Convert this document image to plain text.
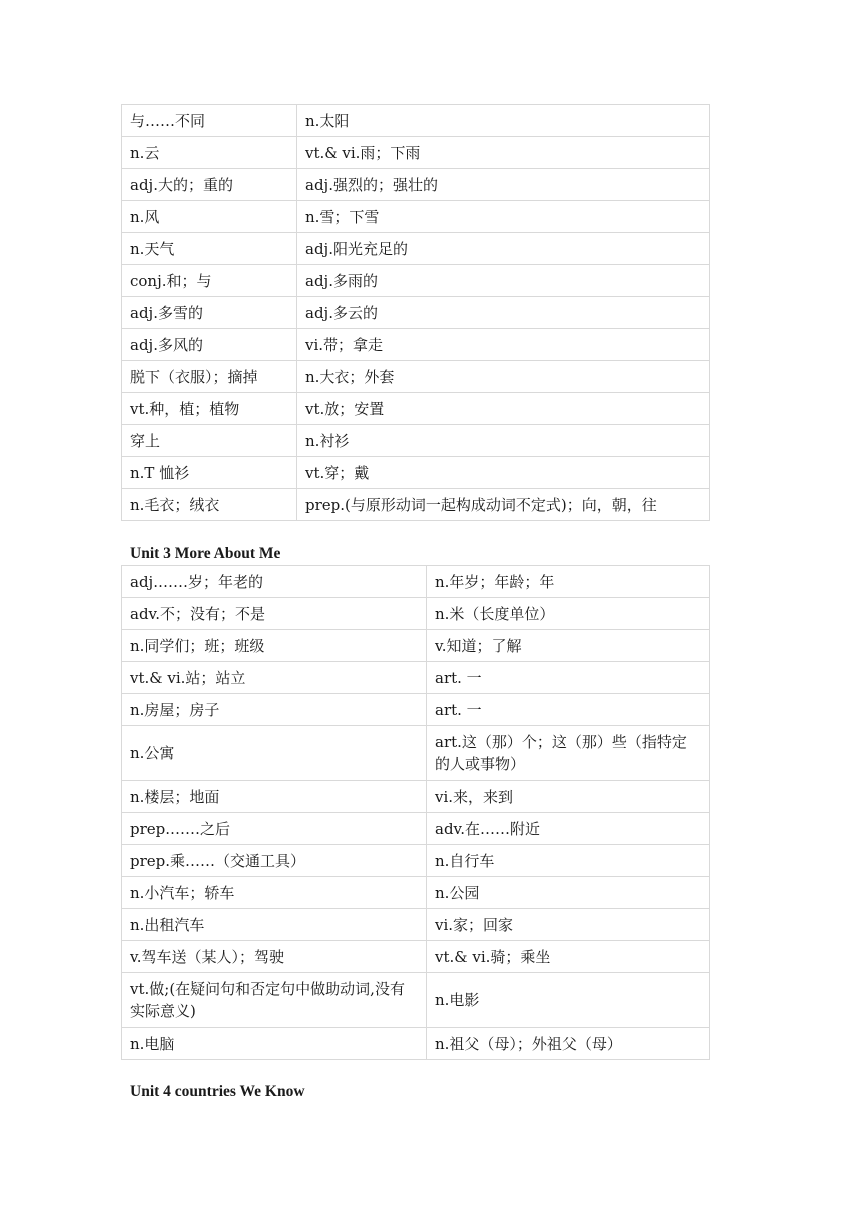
与……不同	n.太阳
n.云	vt.& vi.雨；下雨
adj.大的；重的	adj.强烈的；强壮的
n.风	n.雪；下雪
n.天气	adj.阳光充足的
conj.和；与	adj.多雨的
adj.多雪的	adj.多云的
adj.多风的	vi.带；拿走
脱下（衣服）；摘掉	n.大衣；外套
vt.种，植；植物	vt.放；安置
穿上	n.衬衫
n.T 恤衫	vt.穿；戴
n.毛衣；绒衣	prep.(与原形动词一起构成动词不定式)；向，朝，往
Unit 3 More About Me
adj.……岁；年老的	n.年岁；年龄；年
adv.不；没有；不是	n.米（长度单位）
n.同学们；班；班级	v.知道；了解
vt.& vi.站；站立	art. 一
n.房屋；房子	art. 一
n.公寓	art.这（那）个；这（那）些（指特定的人或事物）
n.楼层；地面	vi.来，来到
prep.……之后	adv.在……附近
prep.乘……（交通工具）	n.自行车
n.小汽车；轿车	n.公园
n.出租汽车	vi.家；回家
v.驾车送（某人）；驾驶	vt.& vi.骑；乘坐
vt.做;(在疑问句和否定句中做助动词,没有实际意义)	n.电影
n.电脑	n.祖父（母）；外祖父（母）
Unit 4 countries We Know
